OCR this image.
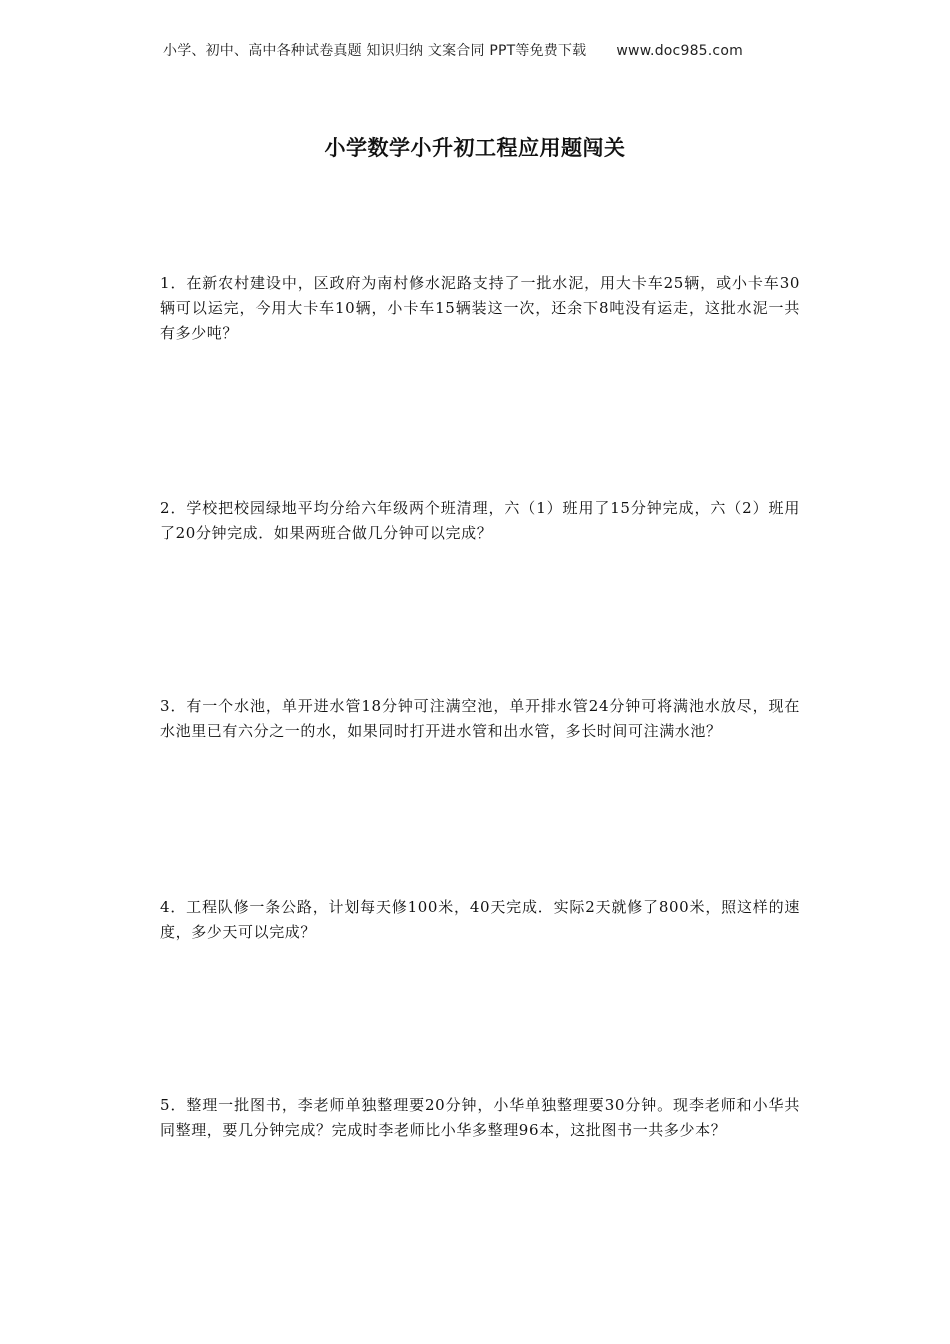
小学、初中、高中各种试卷真题 知识归纳 文案合同 PPT等免费下载 www.doc985.com
小学数学小升初工程应用题闯关
1．在新农村建设中，区政府为南村修水泥路支持了一批水泥，用大卡车25辆，或小卡车30辆可以运完，今用大卡车10辆，小卡车15辆装这一次，还余下8吨没有运走，这批水泥一共有多少吨？
2．学校把校园绿地平均分给六年级两个班清理，六（1）班用了15分钟完成，六（2）班用了20分钟完成．如果两班合做几分钟可以完成？
3．有一个水池，单开进水管18分钟可注满空池，单开排水管24分钟可将满池水放尽，现在水池里已有六分之一的水，如果同时打开进水管和出水管，多长时间可注满水池？
4．工程队修一条公路，计划每天修100米，40天完成．实际2天就修了800米，照这样的速度，多少天可以完成？
5．整理一批图书，李老师单独整理要20分钟，小华单独整理要30分钟。现李老师和小华共同整理，要几分钟完成？完成时李老师比小华多整理96本，这批图书一共多少本？
